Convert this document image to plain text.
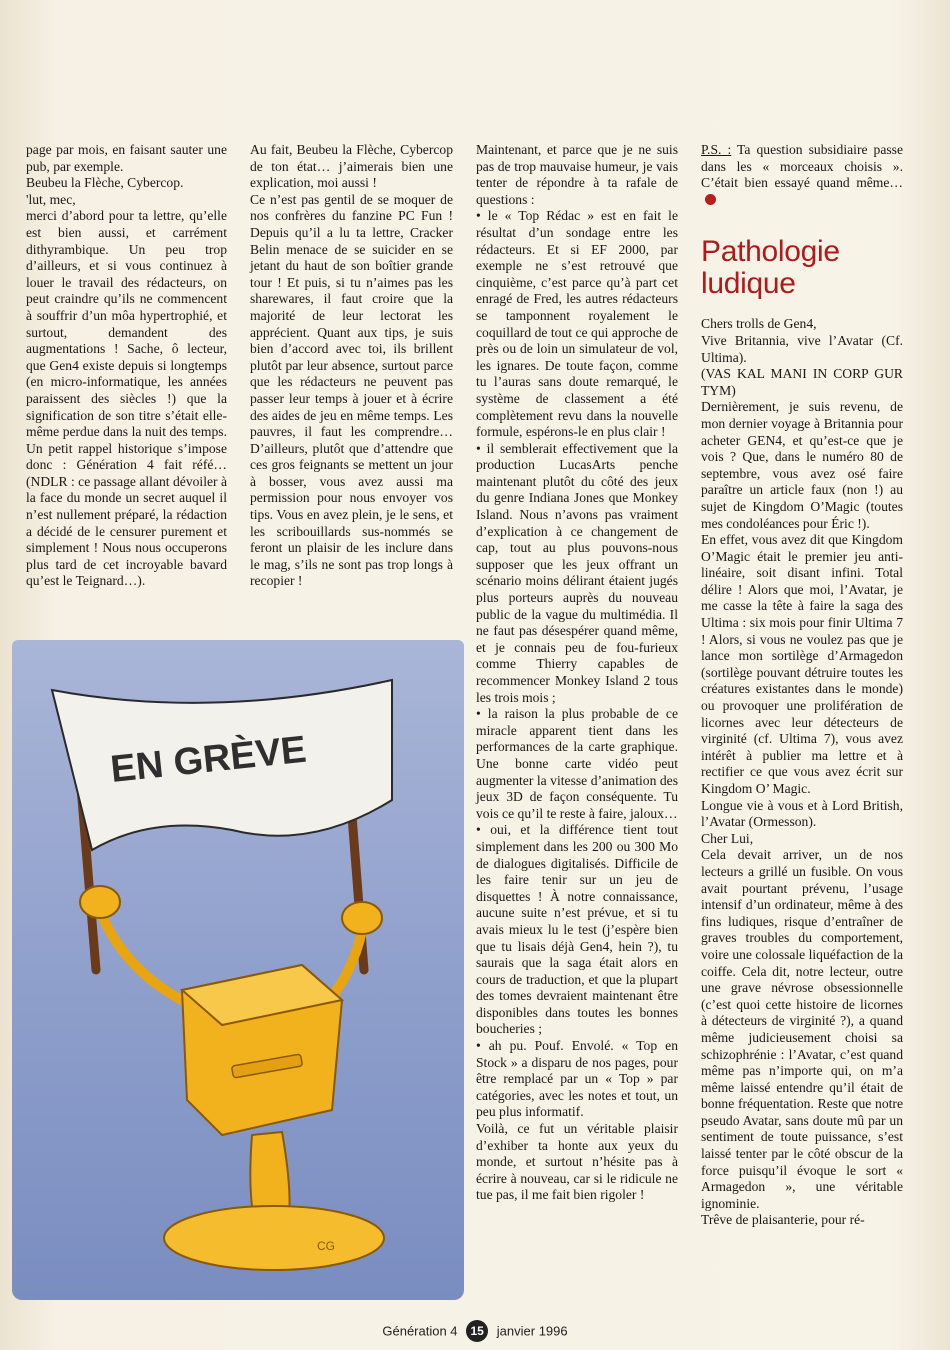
page par mois, en faisant sauter une pub, par exemple.

Beubeu la Flèche, Cybercop.

'lut, mec,

merci d’abord pour ta lettre, qu’elle est bien aussi, et carrément dithyrambique. Un peu trop d’ailleurs, et si vous continuez à louer le travail des rédacteurs, on peut craindre qu’ils ne commencent à souffrir d’un môa hypertrophié, et surtout, demandent des augmentations ! Sache, ô lecteur, que Gen4 existe depuis si longtemps (en micro-informatique, les années paraissent des siècles !) que la signification de son titre s’était elle-même perdue dans la nuit des temps. Un petit rappel historique s’impose donc : Génération 4 fait réfé… (NDLR : ce passage allant dévoiler à la face du monde un secret auquel il n’est nullement préparé, la rédaction a décidé de le censurer purement et simplement ! Nous nous occuperons plus tard de cet incroyable bavard qu’est le Teignard…).

Au fait, Beubeu la Flèche, Cybercop de ton état… j’aimerais bien une explication, moi aussi !

Ce n’est pas gentil de se moquer de nos confrères du fanzine PC Fun ! Depuis qu’il a lu ta lettre, Cracker Belin menace de se suicider en se jetant du haut de son boîtier grande tour ! Et puis, si tu n’aimes pas les sharewares, il faut croire que la majorité de leur lectorat les apprécient. Quant aux tips, je suis bien d’accord avec toi, ils brillent plutôt par leur absence, surtout parce que les rédacteurs ne peuvent pas passer leur temps à jouer et à écrire des aides de jeu en même temps. Les pauvres, il faut les comprendre… D’ailleurs, plutôt que d’attendre que ces gros feignants se mettent un jour à bosser, vous avez aussi ma permission pour nous envoyer vos tips. Vous en avez plein, je le sens, et les scribouillards sus-nommés se feront un plaisir de les inclure dans le mag, s’ils ne sont pas trop longs à recopier !

Maintenant, et parce que je ne suis pas de trop mauvaise humeur, je vais tenter de répondre à ta rafale de questions :

• le « Top Rédac » est en fait le résultat d’un sondage entre les rédacteurs. Et si EF 2000, par exemple ne s’est retrouvé que cinquième, c’est parce qu’à part cet enragé de Fred, les autres rédacteurs se tamponnent royalement le coquillard de tout ce qui approche de près ou de loin un simulateur de vol, les ignares. De toute façon, comme tu l’auras sans doute remarqué, le système de classement a été complètement revu dans la nouvelle formule, espérons-le en plus clair !

• il semblerait effectivement que la production LucasArts penche maintenant plutôt du côté des jeux du genre Indiana Jones que Monkey Island. Nous n’avons pas vraiment d’explication à ce changement de cap, tout au plus pouvons-nous supposer que les jeux offrant un scénario moins délirant étaient jugés plus porteurs auprès du nouveau public de la vague du multimédia. Il ne faut pas désespérer quand même, et je connais peu de fou-furieux comme Thierry capables de recommencer Monkey Island 2 tous les trois mois ;

• la raison la plus probable de ce miracle apparent tient dans les performances de la carte graphique. Une bonne carte vidéo peut augmenter la vitesse d’animation des jeux 3D de façon conséquente. Tu vois ce qu’il te reste à faire, jaloux…

• oui, et la différence tient tout simplement dans les 200 ou 300 Mo de dialogues digitalisés. Difficile de les faire tenir sur un jeu de disquettes ! À notre connaissance, aucune suite n’est prévue, et si tu avais mieux lu le test (j’espère bien que tu lisais déjà Gen4, hein ?), tu saurais que la saga était alors en cours de traduction, et que la plupart des tomes devraient maintenant être disponibles dans toutes les bonnes boucheries ;

• ah pu. Pouf. Envolé. « Top en Stock » a disparu de nos pages, pour être remplacé par un « Top » par catégories, avec les notes et tout, un peu plus informatif.

Voilà, ce fut un véritable plaisir d’exhiber ta honte aux yeux du monde, et surtout n’hésite pas à écrire à nouveau, car si le ridicule ne tue pas, il me fait bien rigoler !

P.S. : Ta question subsidiaire passe dans les « morceaux choisis ». C’était bien essayé quand même…

Pathologie ludique

Chers trolls de Gen4,

Vive Britannia, vive l’Avatar (Cf. Ultima).

(VAS KAL MANI IN CORP GUR TYM)

Dernièrement, je suis revenu, de mon dernier voyage à Britannia pour acheter GEN4, et qu’est-ce que je vois ? Que, dans le numéro 80 de septembre, vous avez osé faire paraître un article faux (non !) au sujet de Kingdom O’Magic (toutes mes condoléances pour Éric !).

En effet, vous avez dit que Kingdom O’Magic était le premier jeu anti-linéaire, soit disant infini. Total délire ! Alors que moi, l’Avatar, je me casse la tête à faire la saga des Ultima : six mois pour finir Ultima 7 ! Alors, si vous ne voulez pas que je lance mon sortilège d’Armagedon (sortilège pouvant détruire toutes les créatures existantes dans le monde) ou provoquer une prolifération de licornes avec leur détecteurs de virginité (cf. Ultima 7), vous avez intérêt à publier ma lettre et à rectifier ce que vous avez écrit sur Kingdom O’ Magic.

Longue vie à vous et à Lord British, l’Avatar (Ormesson).

Cher Lui,

Cela devait arriver, un de nos lecteurs a grillé un fusible. On vous avait pourtant prévenu, l’usage intensif d’un ordinateur, même à des fins ludiques, risque d’entraîner de graves troubles du comportement, voire une colossale liquéfaction de la coiffe. Cela dit, notre lecteur, outre une grave névrose obsessionnelle (c’est quoi cette histoire de licornes à détecteurs de virginité ?), a quand même judicieusement choisi sa schizophrénie : l’Avatar, c’est quand même pas n’importe qui, on m’a même laissé entendre qu’il était de bonne fréquentation. Reste que notre pseudo Avatar, sans doute mû par un sentiment de toute puissance, s’est laissé tenter par le côté obscur de la force puisqu’il évoque le sort « Armagedon », une véritable ignominie.

Trêve de plaisanterie, pour ré-

EN GRÈVE
CG
Génération 4 15 janvier 1996
